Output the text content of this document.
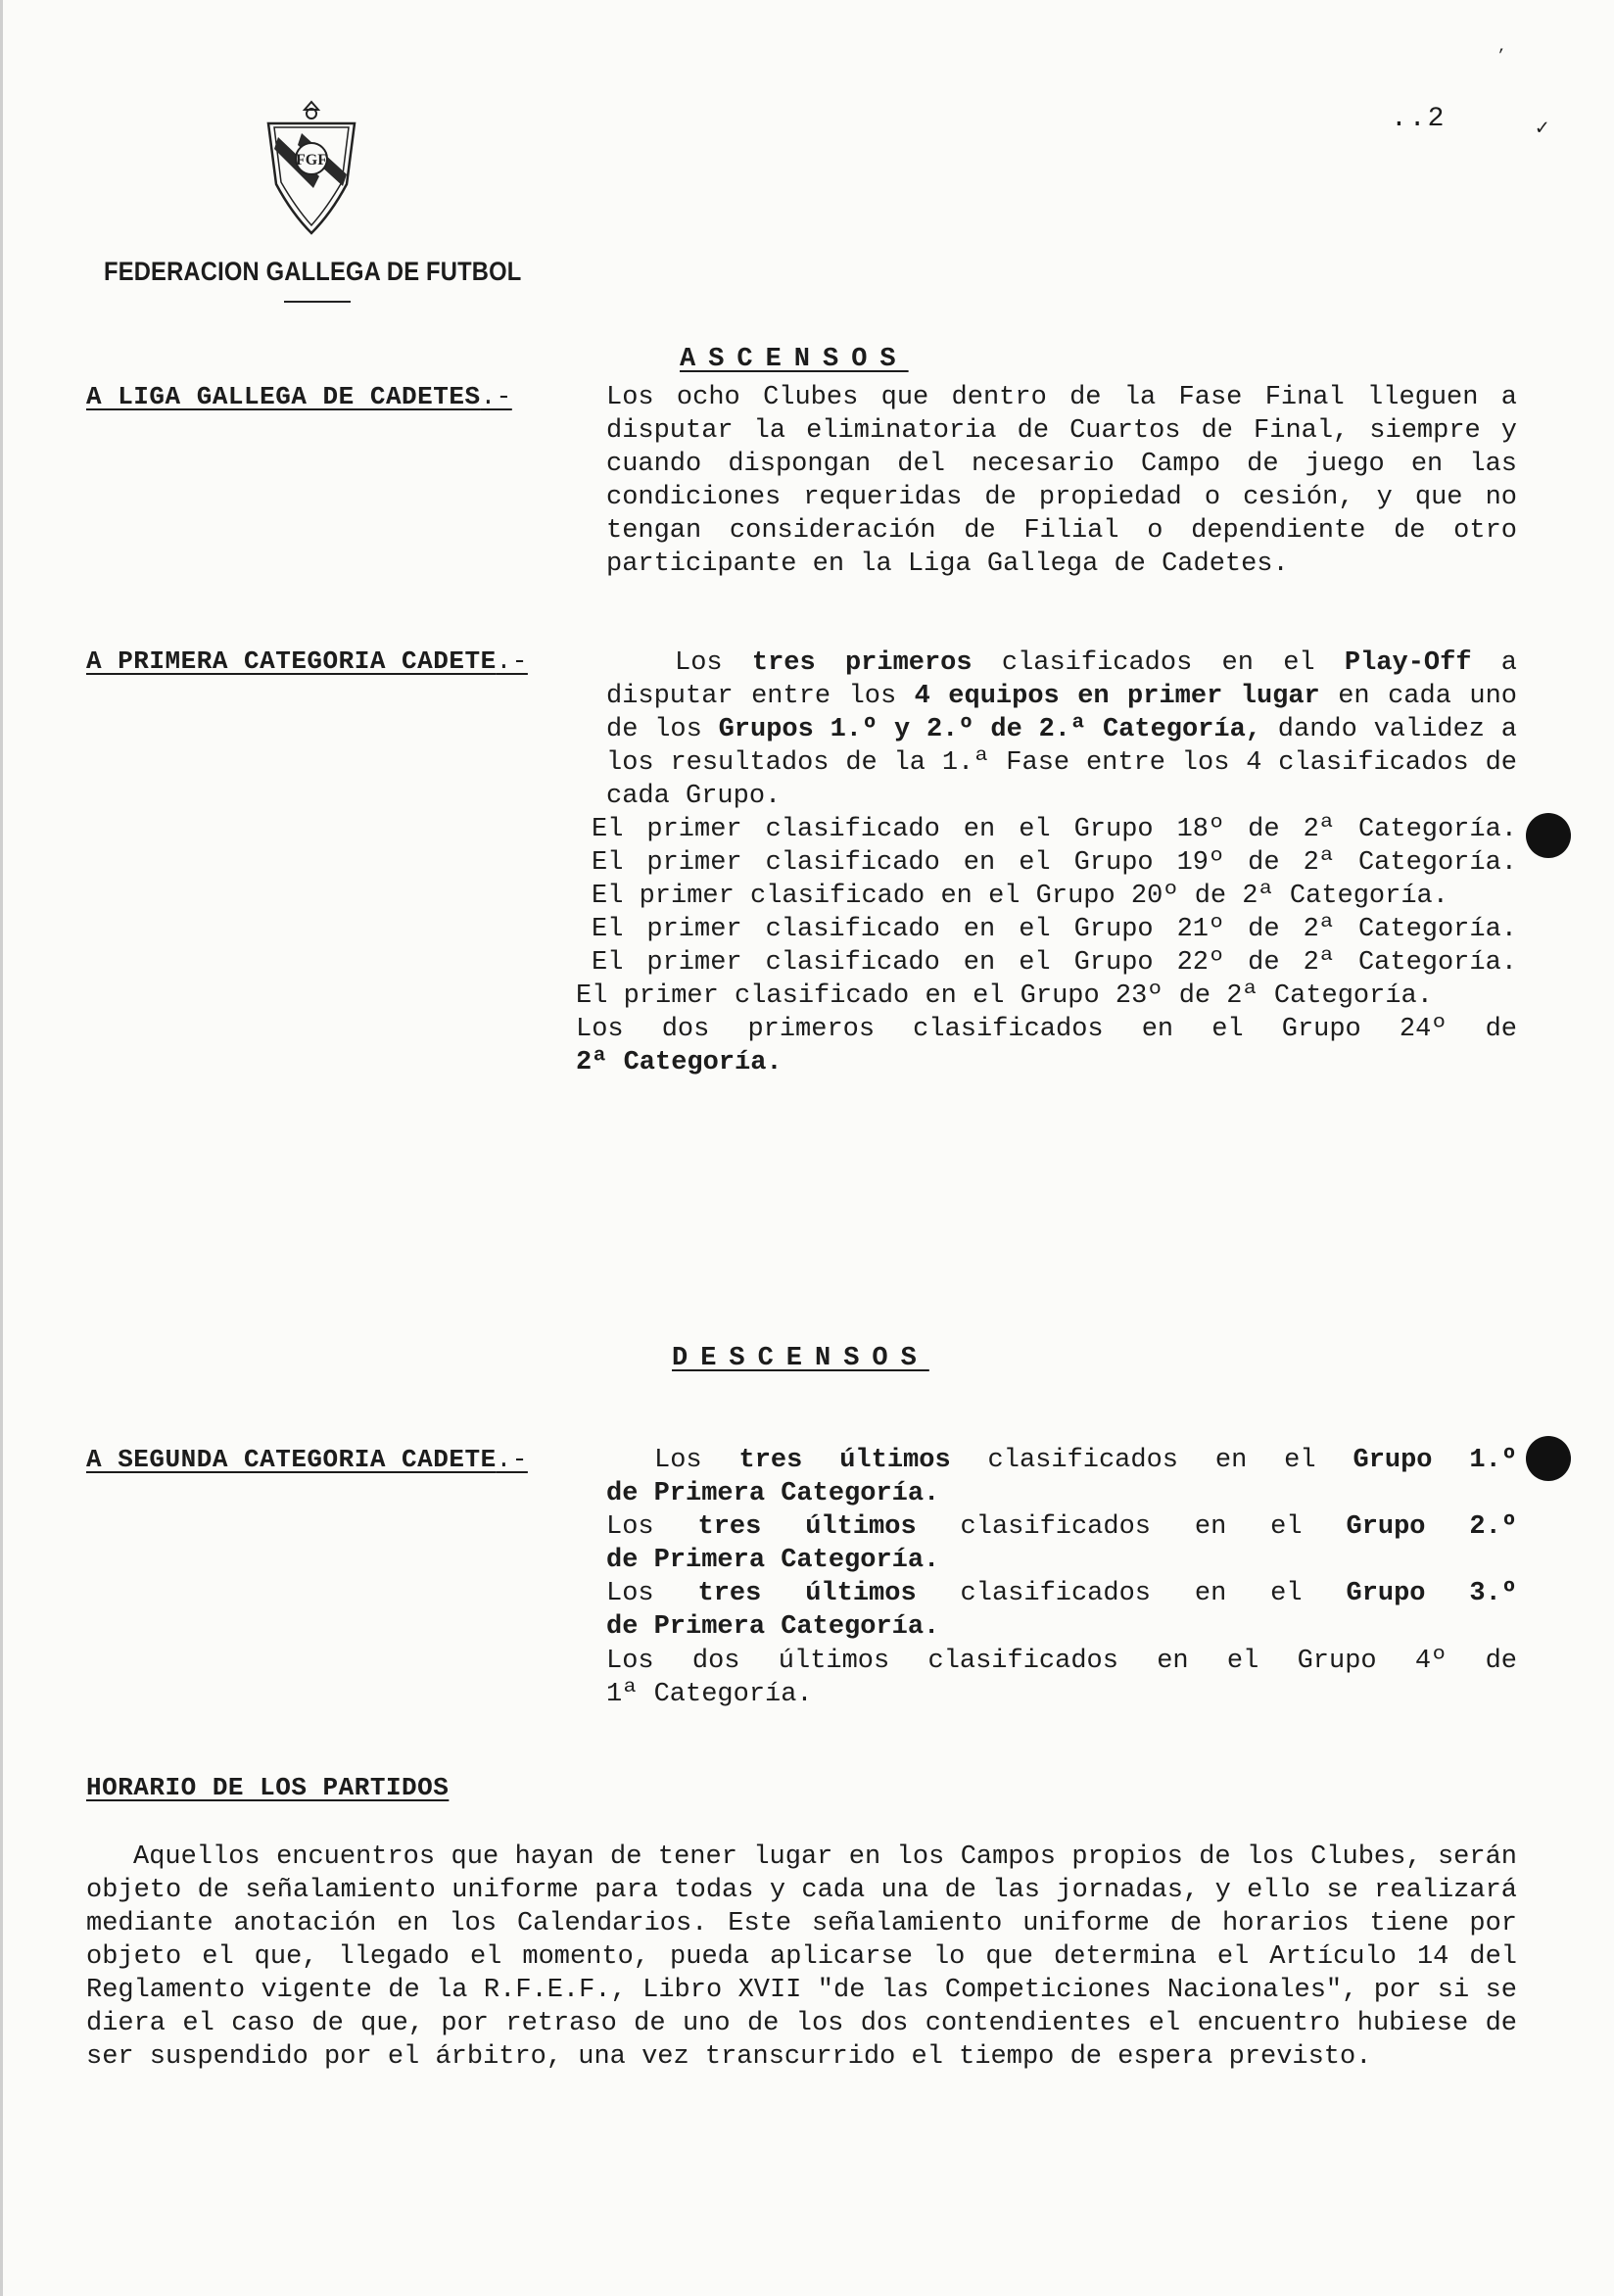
FGF
FEDERACION GALLEGA DE FUTBOL
..2	✓
’
ASCENSOS
A LIGA GALLEGA DE CADETES.-	Los ocho Clubes que dentro de la Fase Final lleguen a disputar la eliminatoria de Cuartos de Final, siempre y cuando dispongan del necesario Campo de juego en las condiciones requeridas de propiedad o cesión, y que no tengan consideración de Filial o dependiente de otro participante en la Liga Gallega de Cadetes.
A PRIMERA CATEGORIA CADETE.-	Los tres primeros clasificados en el Play-Off a disputar entre los 4 equipos en primer lugar en cada uno de los Grupos 1.º y 2.º de 2.ª Categoría, dando validez a los resultados de la 1.ª Fase entre los 4 clasificados de cada Grupo.
El primer clasificado en el Grupo 18º de 2ª Categoría.
El primer clasificado en el Grupo 19º de 2ª Categoría.
El primer clasificado en el Grupo 20º de 2ª Categoría.
El primer clasificado en el Grupo 21º de 2ª Categoría.
El primer clasificado en el Grupo 22º de 2ª Categoría.
El primer clasificado en el Grupo 23º de 2ª Categoría.
Los dos primeros clasificados en el Grupo 24º de
2ª Categoría.
DESCENSOS
A SEGUNDA CATEGORIA CADETE.-	Los tres últimos clasificados en el Grupo 1.º
de Primera Categoría.
Los tres últimos clasificados en el Grupo 2.º
de Primera Categoría.
Los tres últimos clasificados en el Grupo 3.º
de Primera Categoría.
Los dos últimos clasificados en el Grupo 4º de
1ª Categoría.
HORARIO DE LOS PARTIDOS
Aquellos encuentros que hayan de tener lugar en los Campos propios de los Clubes, serán objeto de señalamiento uniforme para todas y cada una de las jornadas, y ello se realizará mediante anotación en los Calendarios. Este señalamiento uniforme de horarios tiene por objeto el que, llegado el momento, pueda aplicarse lo que determina el Artículo 14 del Reglamento vigente de la R.F.E.F., Libro XVII "de las Competiciones Nacionales", por si se diera el caso de que, por retraso de uno de los dos contendientes el encuentro hubiese de ser suspendido por el árbitro, una vez transcurrido el tiempo de espera previsto.
